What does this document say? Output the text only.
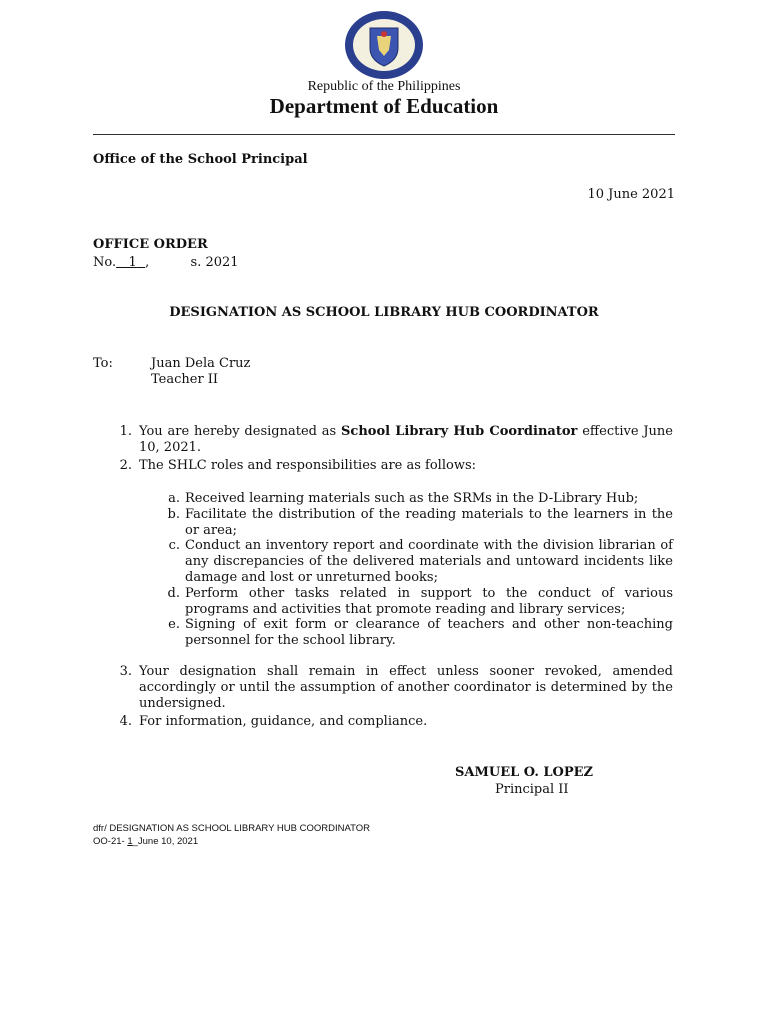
Republic of the Philippines
Department of Education
Office of the School Principal
10 June 2021
OFFICE ORDER
No. 1 ,          s. 2021
DESIGNATION AS SCHOOL LIBRARY HUB COORDINATOR
To:	Juan Dela Cruz
Teacher II
1. You are hereby designated as School Library Hub Coordinator effective June 10, 2021.
2. The SHLC roles and responsibilities are as follows:
a. Received learning materials such as the SRMs in the D-Library Hub;
b. Facilitate the distribution of the reading materials to the learners in the or area;
c. Conduct an inventory report and coordinate with the division librarian of any discrepancies of the delivered materials and untoward incidents like damage and lost or unreturned books;
d. Perform other tasks related in support to the conduct of various programs and activities that promote reading and library services;
e. Signing of exit form or clearance of teachers and other non-teaching personnel for the school library.
3. Your designation shall remain in effect unless sooner revoked, amended accordingly or until the assumption of another coordinator is determined by the undersigned.
4. For information, guidance, and compliance.
SAMUEL O. LOPEZ
Principal II
dfr/ DESIGNATION AS SCHOOL LIBRARY HUB COORDINATOR
OO-21- 1_June 10, 2021
